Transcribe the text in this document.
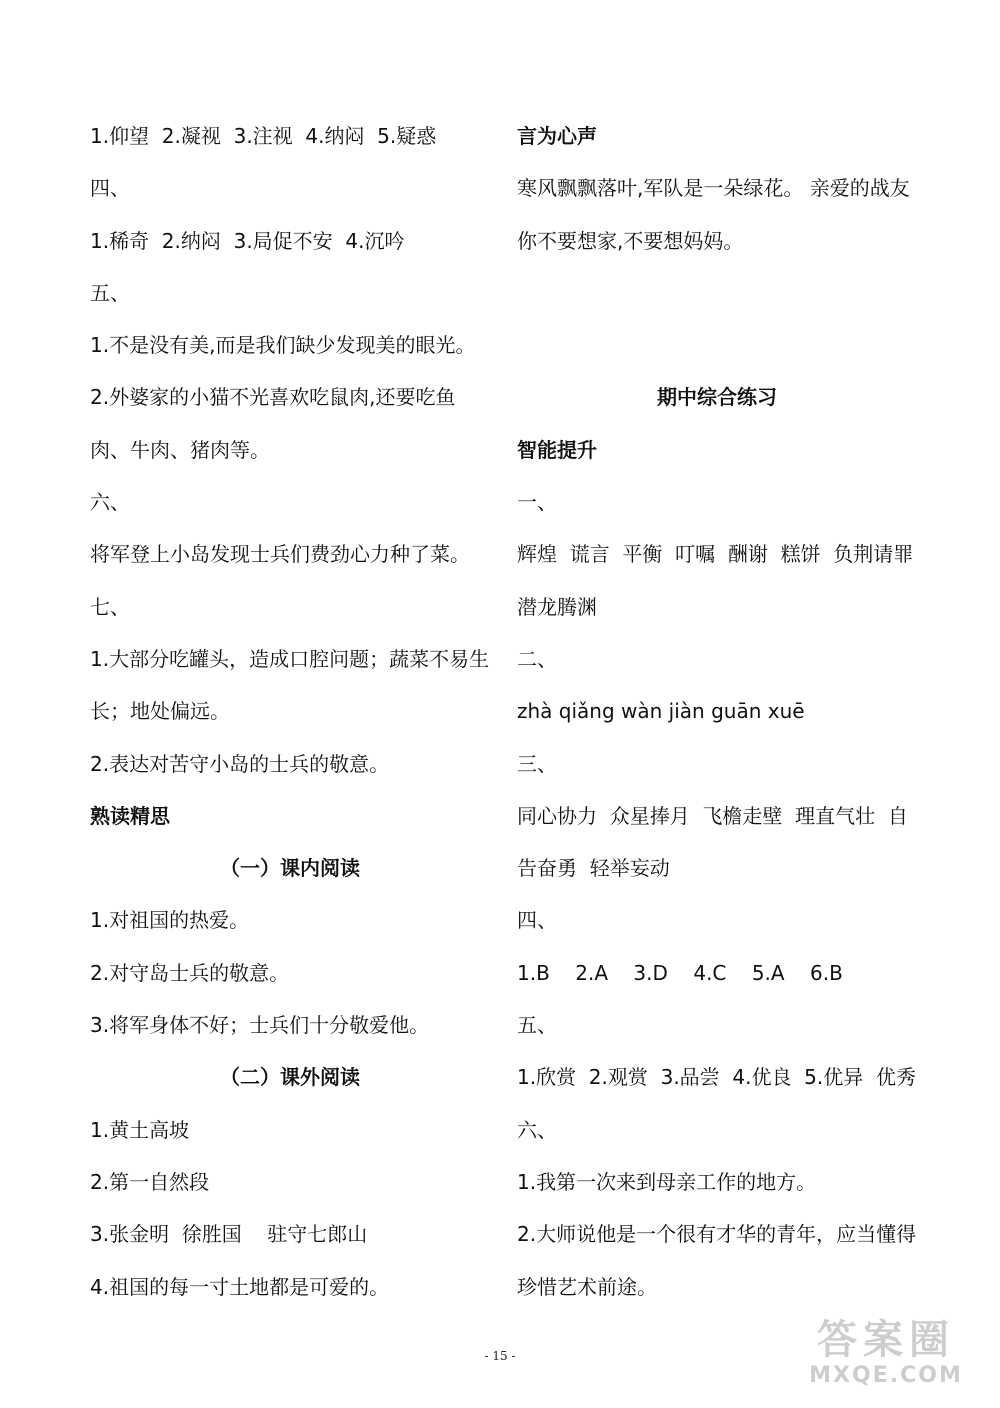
1.仰望  2.凝视  3.注视  4.纳闷  5.疑惑
四、
1.稀奇  2.纳闷  3.局促不安  4.沉吟
五、
1.不是没有美,而是我们缺少发现美的眼光。
2.外婆家的小猫不光喜欢吃鼠肉,还要吃鱼
肉、牛肉、猪肉等。
六、
将军登上小岛发现士兵们费劲心力种了菜。
七、
1.大部分吃罐头，造成口腔问题；蔬菜不易生
长；地处偏远。
2.表达对苦守小岛的士兵的敬意。
熟读精思
（一）课内阅读
1.对祖国的热爱。
2.对守岛士兵的敬意。
3.将军身体不好；士兵们十分敬爱他。
（二）课外阅读
1.黄土高坡
2.第一自然段
3.张金明  徐胜国    驻守七郎山
4.祖国的每一寸土地都是可爱的。
言为心声
寒风飘飘落叶,军队是一朵绿花。 亲爱的战友
你不要想家,不要想妈妈。
期中综合练习
智能提升
一、
辉煌  谎言  平衡  叮嘱  酬谢  糕饼  负荆请罪
潜龙腾渊
二、
zhà qiǎng wàn jiàn guān xuē
三、
同心协力  众星捧月  飞檐走壁  理直气壮  自
告奋勇  轻举妄动
四、
1.B    2.A    3.D    4.C    5.A    6.B
五、
1.欣赏  2.观赏  3.品尝  4.优良  5.优异  优秀
六、
1.我第一次来到母亲工作的地方。
2.大师说他是一个很有才华的青年，应当懂得
珍惜艺术前途。
- 15 -	答案圈
MXQE.COM
